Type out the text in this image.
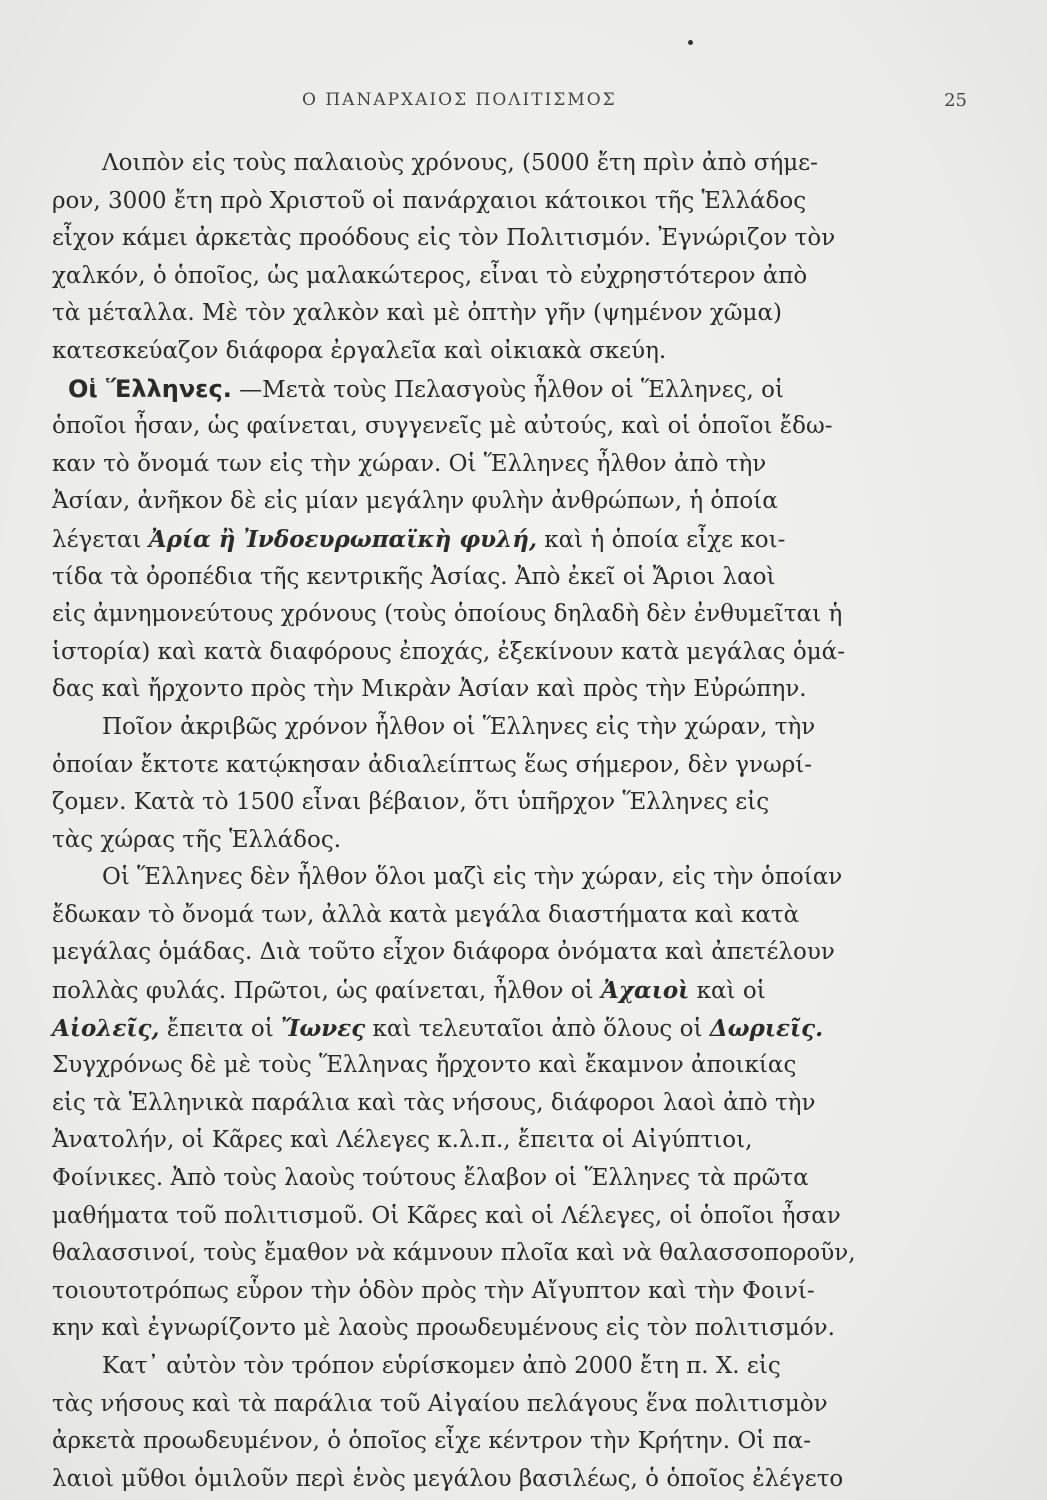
Ο ΠΑΝΑΡΧΑΙΟΣ ΠΟΛΙΤΙΣΜΟΣ	25
Λοιπὸν εἰς τοὺς παλαιοὺς χρόνους, (5000 ἔτη πρὶν ἀπὸ σήμε-
ρον, 3000 ἔτη πρὸ Χριστοῦ οἱ πανάρχαιοι κάτοικοι τῆς Ἑλλάδος
εἶχον κάμει ἀρκετὰς προόδους εἰς τὸν Πολιτισμόν. Ἐγνώριζον τὸν
χαλκόν, ὁ ὁποῖος, ὡς μαλακώτερος, εἶναι τὸ εὐχρηστότερον ἀπὸ
τὰ μέταλλα. Μὲ τὸν χαλκὸν καὶ μὲ ὀπτὴν γῆν (ψημένον χῶμα)
κατεσκεύαζον διάφορα ἐργαλεῖα καὶ οἰκιακὰ σκεύη.
Οἱ Ἕλληνες. —Μετὰ τοὺς Πελασγοὺς ἦλθον οἱ Ἕλληνες, οἱ
ὁποῖοι ἦσαν, ὡς φαίνεται, συγγενεῖς μὲ αὐτούς, καὶ οἱ ὁποῖοι ἔδω-
καν τὸ ὄνομά των εἰς τὴν χώραν. Οἱ Ἕλληνες ἦλθον ἀπὸ τὴν
Ἀσίαν, ἀνῆκον δὲ εἰς μίαν μεγάλην φυλὴν ἀνθρώπων, ἡ ὁποία
λέγεται Ἀρία ἢ Ἰνδοευρωπαϊκὴ φυλή, καὶ ἡ ὁποία εἶχε κοι-
τίδα τὰ ὀροπέδια τῆς κεντρικῆς Ἀσίας. Ἀπὸ ἐκεῖ οἱ Ἄριοι λαοὶ
εἰς ἀμνημονεύτους χρόνους (τοὺς ὁποίους δηλαδὴ δὲν ἐνθυμεῖται ἡ
ἱστορία) καὶ κατὰ διαφόρους ἐποχάς, ἐξεκίνουν κατὰ μεγάλας ὁμά-
δας καὶ ἤρχοντο πρὸς τὴν Μικρὰν Ἀσίαν καὶ πρὸς τὴν Εὐρώπην.
Ποῖον ἀκριβῶς χρόνον ἦλθον οἱ Ἕλληνες εἰς τὴν χώραν, τὴν
ὁποίαν ἔκτοτε κατῴκησαν ἀδιαλείπτως ἕως σήμερον, δὲν γνωρί-
ζομεν. Κατὰ τὸ 1500 εἶναι βέβαιον, ὅτι ὑπῆρχον Ἕλληνες εἰς
τὰς χώρας τῆς Ἑλλάδος.
Οἱ Ἕλληνες δὲν ἦλθον ὅλοι μαζὶ εἰς τὴν χώραν, εἰς τὴν ὁποίαν
ἔδωκαν τὸ ὄνομά των, ἀλλὰ κατὰ μεγάλα διαστήματα καὶ κατὰ
μεγάλας ὁμάδας. Διὰ τοῦτο εἶχον διάφορα ὀνόματα καὶ ἀπετέλουν
πολλὰς φυλάς. Πρῶτοι, ὡς φαίνεται, ἦλθον οἱ Ἀχαιοὶ καὶ οἱ
Αἰολεῖς, ἔπειτα οἱ Ἴωνες καὶ τελευταῖοι ἀπὸ ὅλους οἱ Δωριεῖς.
Συγχρόνως δὲ μὲ τοὺς Ἕλληνας ἤρχοντο καὶ ἔκαμνον ἀποικίας
εἰς τὰ Ἑλληνικὰ παράλια καὶ τὰς νήσους, διάφοροι λαοὶ ἀπὸ τὴν
Ἀνατολήν, οἱ Κᾶρες καὶ Λέλεγες κ.λ.π., ἔπειτα οἱ Αἰγύπτιοι,
Φοίνικες. Ἀπὸ τοὺς λαοὺς τούτους ἔλαβον οἱ Ἕλληνες τὰ πρῶτα
μαθήματα τοῦ πολιτισμοῦ. Οἱ Κᾶρες καὶ οἱ Λέλεγες, οἱ ὁποῖοι ἦσαν
θαλασσινοί, τοὺς ἔμαθον νὰ κάμνουν πλοῖα καὶ νὰ θαλασσοποροῦν,
τοιουτοτρόπως εὗρον τὴν ὁδὸν πρὸς τὴν Αἴγυπτον καὶ τὴν Φοινί-
κην καὶ ἐγνωρίζοντο μὲ λαοὺς προωδευμένους εἰς τὸν πολιτισμόν.
Κατ᾽ αὐτὸν τὸν τρόπον εὑρίσκομεν ἀπὸ 2000 ἔτη π. Χ. εἰς
τὰς νήσους καὶ τὰ παράλια τοῦ Αἰγαίου πελάγους ἕνα πολιτισμὸν
ἀρκετὰ προωδευμένον, ὁ ὁποῖος εἶχε κέντρον τὴν Κρήτην. Οἱ πα-
λαιοὶ μῦθοι ὁμιλοῦν περὶ ἑνὸς μεγάλου βασιλέως, ὁ ὁποῖος ἐλέγετο
